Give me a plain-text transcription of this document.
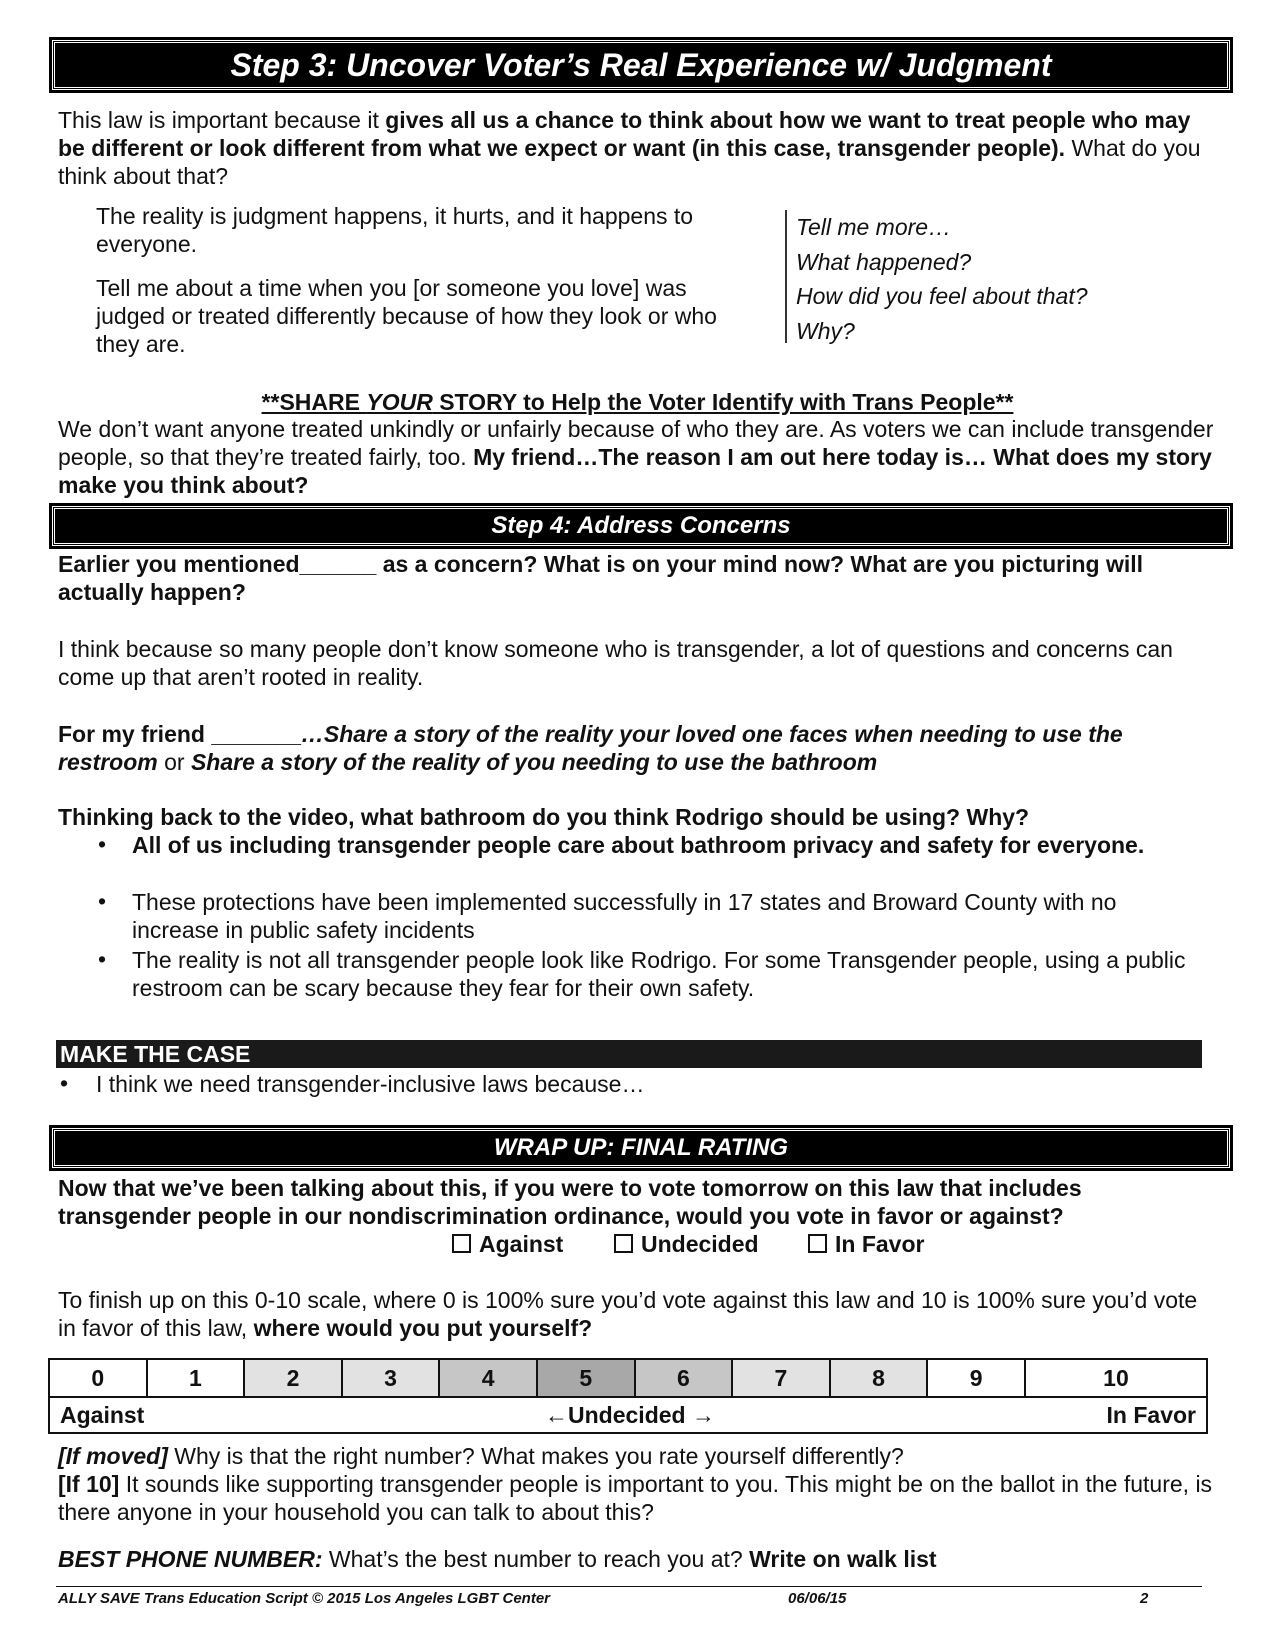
Step 3: Uncover Voter’s Real Experience w/ Judgment
This law is important because it gives all us a chance to think about how we want to treat people who may be different or look different from what we expect or want (in this case, transgender people). What do you think about that?
The reality is judgment happens, it hurts, and it happens to everyone.
Tell me about a time when you [or someone you love] was judged or treated differently because of how they look or who they are.
Tell me more…
What happened?
How did you feel about that?
Why?
**SHARE YOUR STORY to Help the Voter Identify with Trans People**
We don’t want anyone treated unkindly or unfairly because of who they are. As voters we can include transgender people, so that they’re treated fairly, too. My friend…The reason I am out here today is… What does my story make you think about?
Step 4: Address Concerns
Earlier you mentioned______ as a concern? What is on your mind now? What are you picturing will actually happen?
I think because so many people don’t know someone who is transgender, a lot of questions and concerns can come up that aren’t rooted in reality.
For my friend _______…Share a story of the reality your loved one faces when needing to use the restroom or Share a story of the reality of you needing to use the bathroom
Thinking back to the video, what bathroom do you think Rodrigo should be using? Why?
• All of us including transgender people care about bathroom privacy and safety for everyone.
• These protections have been implemented successfully in 17 states and Broward County with no increase in public safety incidents
• The reality is not all transgender people look like Rodrigo. For some Transgender people, using a public restroom can be scary because they fear for their own safety.
MAKE THE CASE
• I think we need transgender-inclusive laws because…
WRAP UP: FINAL RATING
Now that we’ve been talking about this, if you were to vote tomorrow on this law that includes transgender people in our nondiscrimination ordinance, would you vote in favor or against?
Against	Undecided	In Favor
To finish up on this 0-10 scale, where 0 is 100% sure you’d vote against this law and 10 is 100% sure you’d vote in favor of this law, where would you put yourself?
0	1	2	3	4	5	6	7	8	9	10
Against	←Undecided →	In Favor
[If moved] Why is that the right number? What makes you rate yourself differently?
[If 10] It sounds like supporting transgender people is important to you. This might be on the ballot in the future, is there anyone in your household you can talk to about this?
BEST PHONE NUMBER: What’s the best number to reach you at? Write on walk list
ALLY SAVE Trans Education Script © 2015 Los Angeles LGBT Center	06/06/15	2
